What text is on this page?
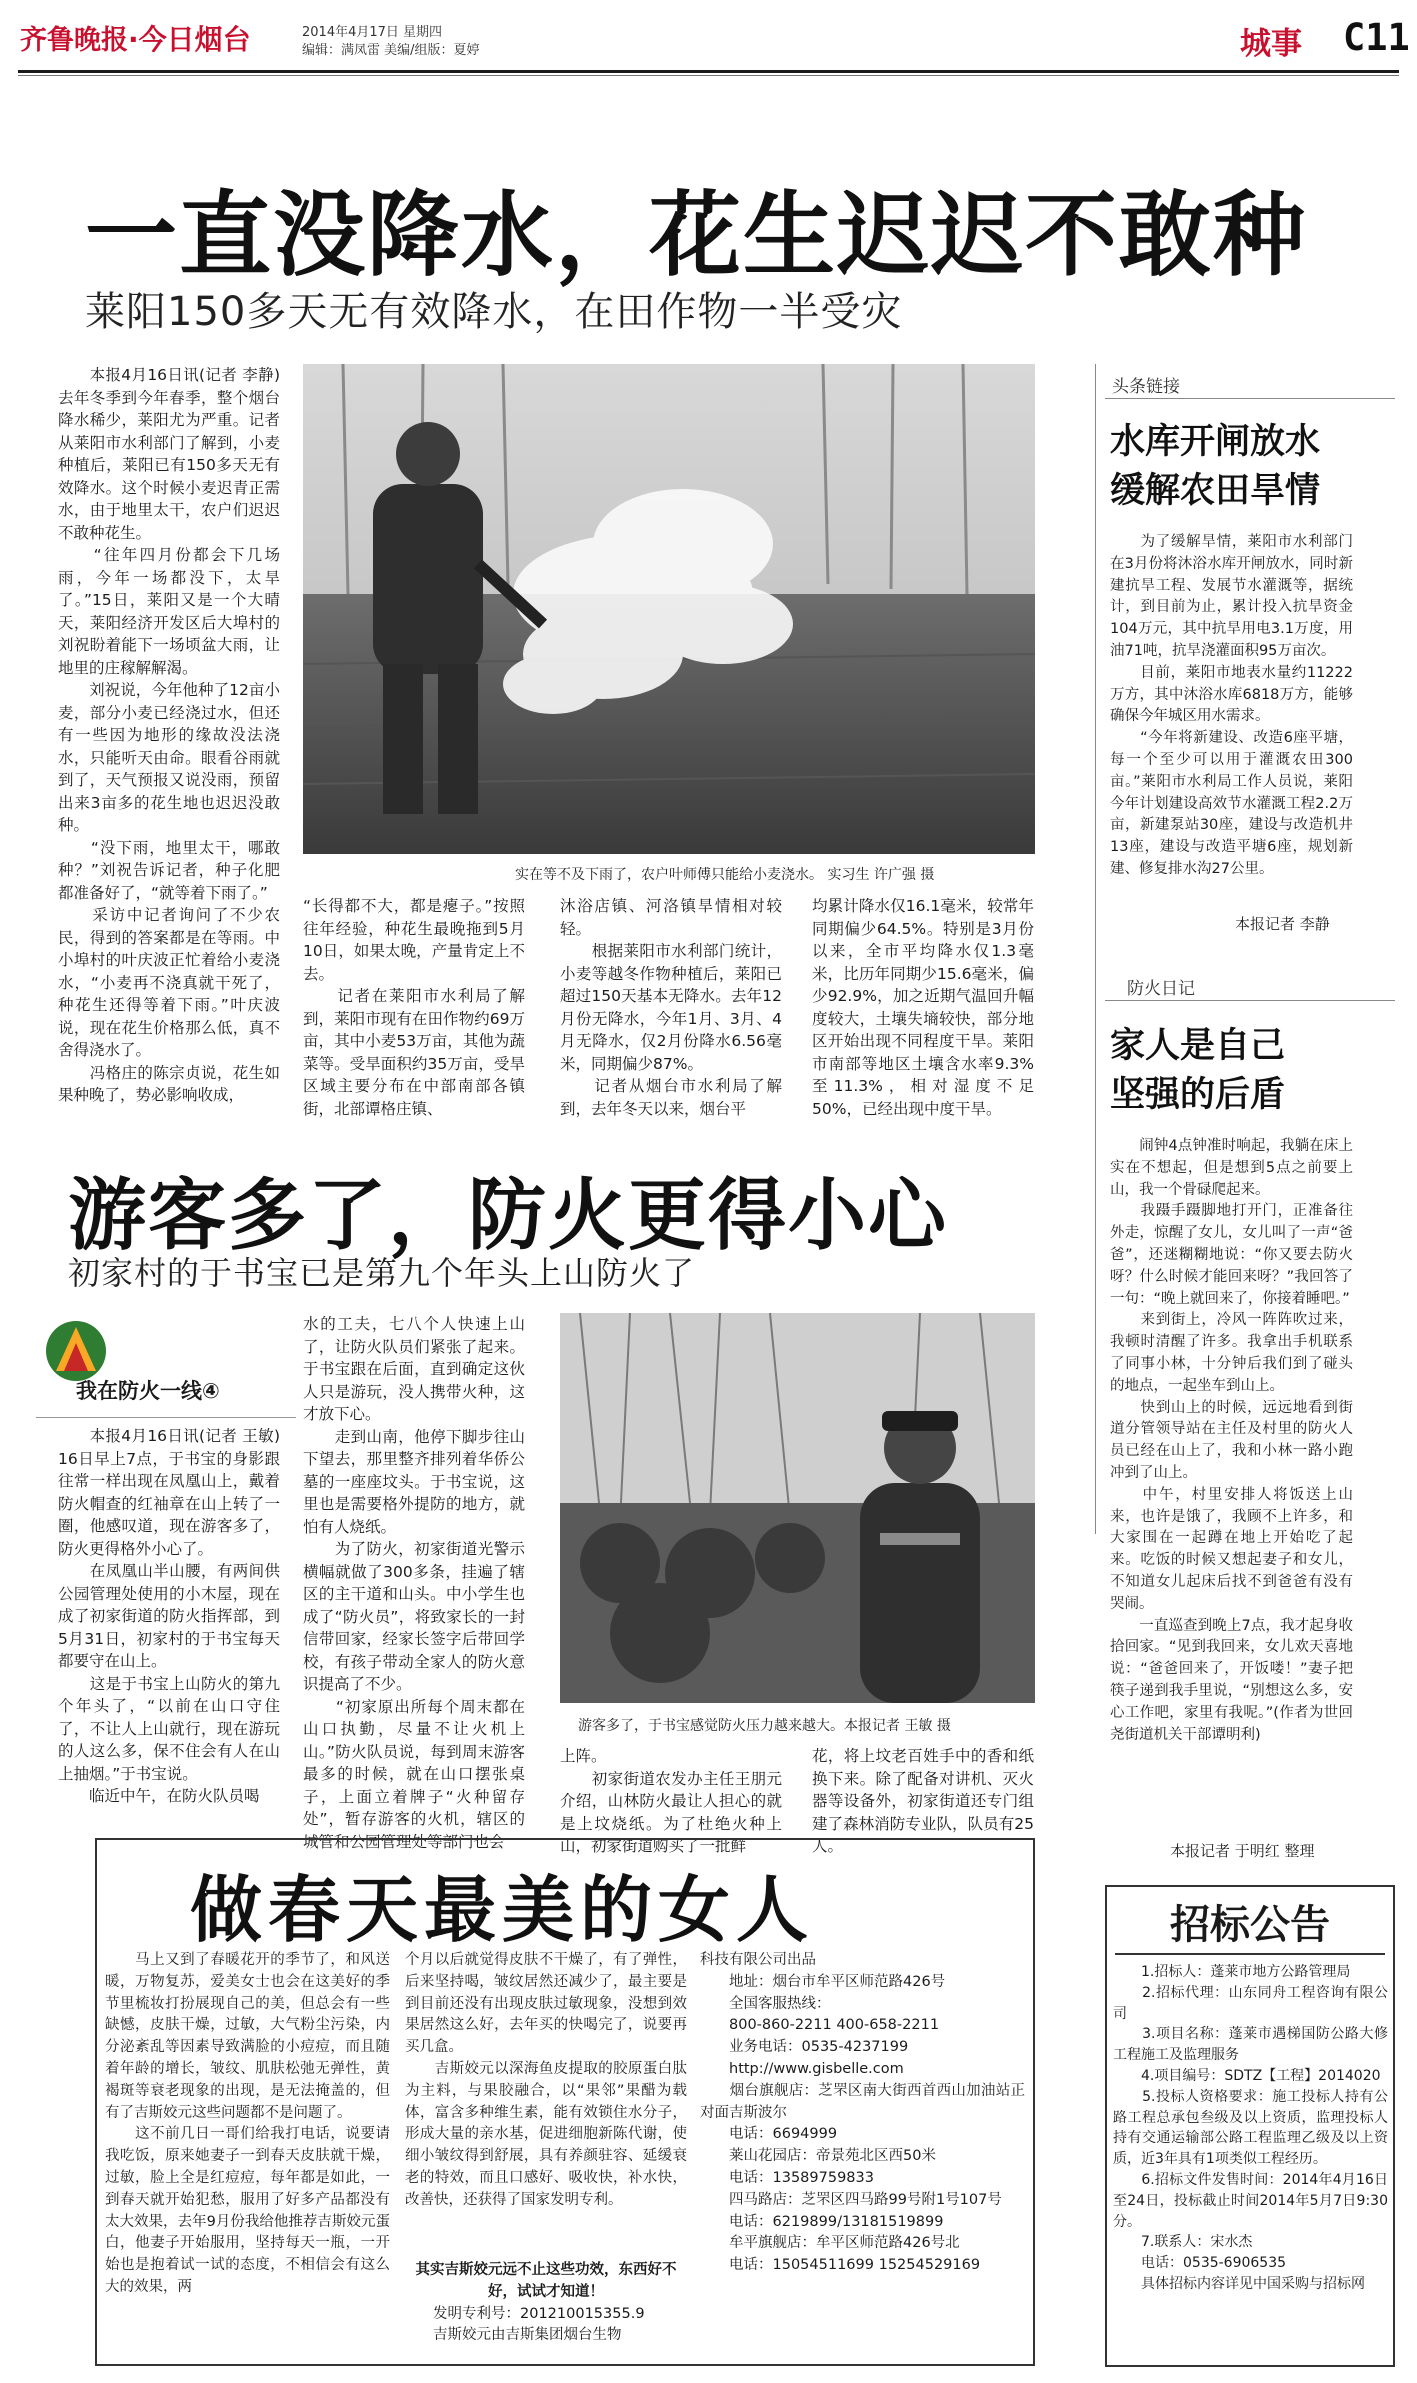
齐鲁晚报·今日烟台	2014年4月17日 星期四
编辑：满凤雷 美编/组版：夏婷	城事 C11
一直没降水，花生迟迟不敢种
莱阳150多天无有效降水，在田作物一半受灾
　　本报4月16日讯(记者 李静)　去年冬季到今年春季，整个烟台降水稀少，莱阳尤为严重。记者从莱阳市水利部门了解到，小麦种植后，莱阳已有150多天无有效降水。这个时候小麦迟青正需水，由于地里太干，农户们迟迟不敢种花生。
　　“往年四月份都会下几场雨，今年一场都没下，太旱了。”15日，莱阳又是一个大晴天，莱阳经济开发区后大埠村的刘祝盼着能下一场顷盆大雨，让地里的庄稼解解渴。
　　刘祝说，今年他种了12亩小麦，部分小麦已经浇过水，但还有一些因为地形的缘故没法浇水，只能听天由命。眼看谷雨就到了，天气预报又说没雨，预留出来3亩多的花生地也迟迟没敢种。
　　“没下雨，地里太干，哪敢种？”刘祝告诉记者，种子化肥都准备好了，“就等着下雨了。”
　　采访中记者询问了不少农民，得到的答案都是在等雨。中小埠村的叶庆波正忙着给小麦浇水，“小麦再不浇真就干死了，种花生还得等着下雨。”叶庆波说，现在花生价格那么低，真不舍得浇水了。
　　冯格庄的陈宗贞说，花生如果种晚了，势必影响收成，
实在等不及下雨了，农户叶师傅只能给小麦浇水。 实习生 许广强 摄
“长得都不大，都是瘪子。”按照往年经验，种花生最晚拖到5月10日，如果太晚，产量肯定上不去。
　　记者在莱阳市水利局了解到，莱阳市现有在田作物约69万亩，其中小麦53万亩，其他为蔬菜等。受旱面积约35万亩，受旱区域主要分布在中部南部各镇街，北部谭格庄镇、
沐浴店镇、河洛镇旱情相对较轻。
　　根据莱阳市水利部门统计，小麦等越冬作物种植后，莱阳已超过150天基本无降水。去年12月份无降水，今年1月、3月、4月无降水，仅2月份降水6.56毫米，同期偏少87%。
　　记者从烟台市水利局了解到，去年冬天以来，烟台平
均累计降水仅16.1毫米，较常年同期偏少64.5%。特别是3月份以来，全市平均降水仅1.3毫米，比历年同期少15.6毫米，偏少92.9%，加之近期气温回升幅度较大，土壤失墒较快，部分地区开始出现不同程度干旱。莱阳市南部等地区土壤含水率9.3%至11.3%，相对湿度不足50%，已经出现中度干旱。
头条链接
水库开闸放水
缓解农田旱情
　　为了缓解旱情，莱阳市水利部门在3月份将沐浴水库开闸放水，同时新建抗旱工程、发展节水灌溉等，据统计，到目前为止，累计投入抗旱资金104万元，其中抗旱用电3.1万度，用油71吨，抗旱浇灌面积95万亩次。
　　目前，莱阳市地表水量约11222万方，其中沐浴水库6818万方，能够确保今年城区用水需求。
　　“今年将新建设、改造6座平塘，每一个至少可以用于灌溉农田300亩。”莱阳市水利局工作人员说，莱阳今年计划建设高效节水灌溉工程2.2万亩，新建泵站30座，建设与改造机井13座，建设与改造平塘6座，规划新建、修复排水沟27公里。
本报记者 李静
防火日记
家人是自己
坚强的后盾
　　闹钟4点钟准时响起，我躺在床上实在不想起，但是想到5点之前要上山，我一个骨碌爬起来。
　　我蹑手蹑脚地打开门，正准备往外走，惊醒了女儿，女儿叫了一声“爸爸”，还迷糊糊地说：“你又要去防火呀？什么时候才能回来呀？”我回答了一句：“晚上就回来了，你接着睡吧。”
　　来到街上，冷风一阵阵吹过来，我顿时清醒了许多。我拿出手机联系了同事小林，十分钟后我们到了碰头的地点，一起坐车到山上。
　　快到山上的时候，远远地看到街道分管领导站在主任及村里的防火人员已经在山上了，我和小林一路小跑冲到了山上。
　　中午，村里安排人将饭送上山来，也许是饿了，我顾不上许多，和大家围在一起蹲在地上开始吃了起来。吃饭的时候又想起妻子和女儿，不知道女儿起床后找不到爸爸有没有哭闹。
　　一直巡查到晚上7点，我才起身收拾回家。“见到我回来，女儿欢天喜地说：“爸爸回来了，开饭喽！”妻子把筷子递到我手里说，“别想这么多，安心工作吧，家里有我呢。”(作者为世回尧街道机关干部谭明利)
本报记者 于明红 整理
游客多了，防火更得小心
初家村的于书宝已是第九个年头上山防火了
我在防火一线④
　　本报4月16日讯(记者 王敏)　16日早上7点，于书宝的身影跟往常一样出现在凤凰山上，戴着防火帽查的红袖章在山上转了一圈，他感叹道，现在游客多了，防火更得格外小心了。
　　在凤凰山半山腰，有两间供公园管理处使用的小木屋，现在成了初家街道的防火指挥部，到5月31日，初家村的于书宝每天都要守在山上。
　　这是于书宝上山防火的第九个年头了，“以前在山口守住了，不让人上山就行，现在游玩的人这么多，保不住会有人在山上抽烟。”于书宝说。
　　临近中午，在防火队员喝
水的工夫，七八个人快速上山了，让防火队员们紧张了起来。于书宝跟在后面，直到确定这伙人只是游玩，没人携带火种，这才放下心。
　　走到山南，他停下脚步往山下望去，那里整齐排列着华侨公墓的一座座坟头。于书宝说，这里也是需要格外提防的地方，就怕有人烧纸。
　　为了防火，初家街道光警示横幅就做了300多条，挂遍了辖区的主干道和山头。中小学生也成了“防火员”，将致家长的一封信带回家，经家长签字后带回学校，有孩子带动全家人的防火意识提高了不少。
　　“初家原出所每个周末都在山口执勤，尽量不让火机上山。”防火队员说，每到周末游客最多的时候，就在山口摆张桌子，上面立着牌子“火种留存处”，暂存游客的火机，辖区的城管和公园管理处等部门也会
游客多了，于书宝感觉防火压力越来越大。本报记者 王敏 摄
上阵。
　　初家街道农发办主任王朋元介绍，山林防火最让人担心的就是上坟烧纸。为了杜绝火种上山，初家街道购买了一批鲜
花，将上坟老百姓手中的香和纸换下来。除了配备对讲机、灭火器等设备外，初家街道还专门组建了森林消防专业队，队员有25人。
做春天最美的女人
　　马上又到了春暖花开的季节了，和风送暖，万物复苏，爱美女士也会在这美好的季节里梳妆打扮展现自己的美，但总会有一些缺憾，皮肤干燥，过敏，大气粉尘污染，内分泌紊乱等因素导致满脸的小痘痘，而且随着年龄的增长，皱纹、肌肤松弛无弹性，黄褐斑等衰老现象的出现，是无法掩盖的，但有了吉斯姣元这些问题都不是问题了。
　　这不前几日一哥们给我打电话，说要请我吃饭，原来她妻子一到春天皮肤就干燥，过敏，脸上全是红痘痘，每年都是如此，一到春天就开始犯愁，服用了好多产品都没有太大效果，去年9月份我给他推荐吉斯姣元蛋白，他妻子开始服用，坚持每天一瓶，一开始也是抱着试一试的态度，不相信会有这么大的效果，两
个月以后就觉得皮肤不干燥了，有了弹性，后来坚持喝，皱纹居然还减少了，最主要是到目前还没有出现皮肤过敏现象，没想到效果居然这么好，去年买的快喝完了，说要再买几盒。
　　吉斯姣元以深海鱼皮提取的胶原蛋白肽为主料，与果胶融合，以“果邻”果醋为载体，富含多种维生素，能有效锁住水分子，形成大量的亲水基，促进细胞新陈代谢，使细小皱纹得到舒展，具有养颜驻容、延缓衰老的特效，而且口感好、吸收快，补水快，改善快，还获得了国家发明专利。
其实吉斯姣元远不止这些功效，东西好不好，试试才知道！
发明专利号：201210015355.9
吉斯姣元由吉斯集团烟台生物
科技有限公司出品
　　地址：烟台市牟平区师范路426号
　　全国客服热线：
　　800-860-2211 400-658-2211
　　业务电话：0535-4237199
　　http://www.gisbelle.com
　　烟台旗舰店：芝罘区南大街西首西山加油站正对面吉斯波尔
　　电话：6694999
　　莱山花园店：帝景苑北区西50米
　　电话：13589759833
　　四马路店：芝罘区四马路99号附1号107号
　　电话：6219899/13181519899
　　牟平旗舰店：牟平区师范路426号北
　　电话：15054511699 15254529169
招标公告
　　1.招标人：蓬莱市地方公路管理局
　　2.招标代理：山东同舟工程咨询有限公司
　　3.项目名称：蓬莱市遇梯国防公路大修工程施工及监理服务
　　4.项目编号：SDTZ【工程】2014020
　　5.投标人资格要求：施工投标人持有公路工程总承包叁级及以上资质，监理投标人持有交通运输部公路工程监理乙级及以上资质，近3年具有1项类似工程经历。
　　6.招标文件发售时间：2014年4月16日至24日，投标截止时间2014年5月7日9:30分。
　　7.联系人：宋水杰
　　电话：0535-6906535
　　具体招标内容详见中国采购与招标网
